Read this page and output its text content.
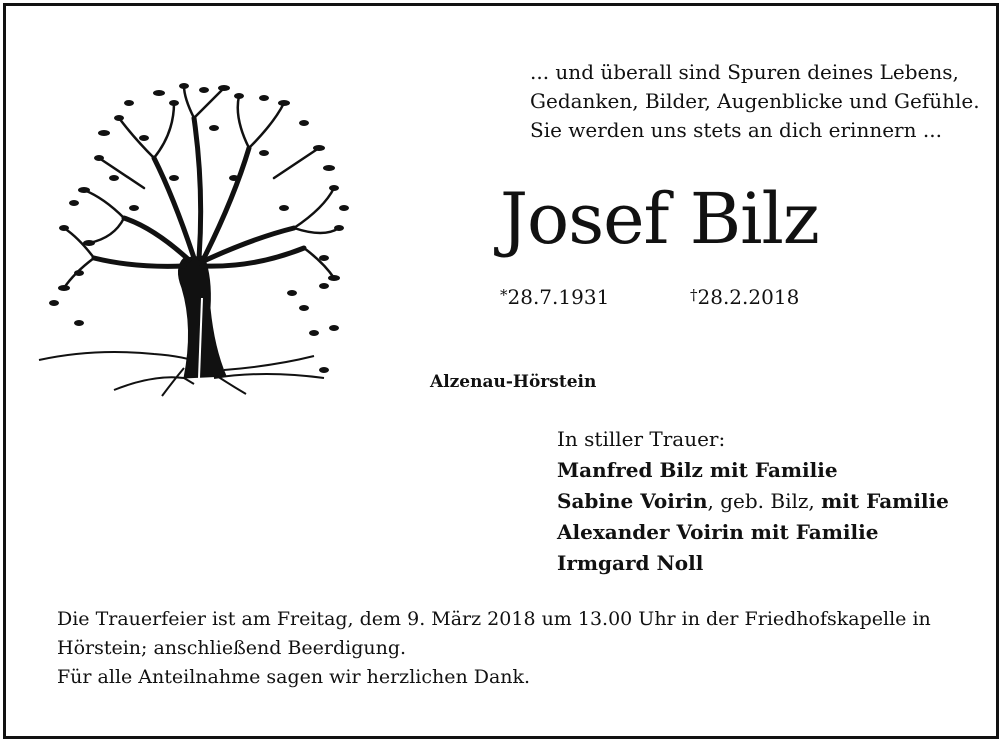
... und überall sind Spuren deines Lebens,
Gedanken, Bilder, Augenblicke und Gefühle.
Sie werden uns stets an dich erinnern ...
Josef Bilz
*28.7.1931	†28.2.2018
Alzenau-Hörstein
In stiller Trauer:
Manfred Bilz mit Familie
Sabine Voirin, geb. Bilz, mit Familie
Alexander Voirin mit Familie
Irmgard Noll
Die Trauerfeier ist am Freitag, dem 9. März 2018 um 13.00 Uhr in der Friedhofskapelle in
Hörstein; anschließend Beerdigung.
Für alle Anteilnahme sagen wir herzlichen Dank.
